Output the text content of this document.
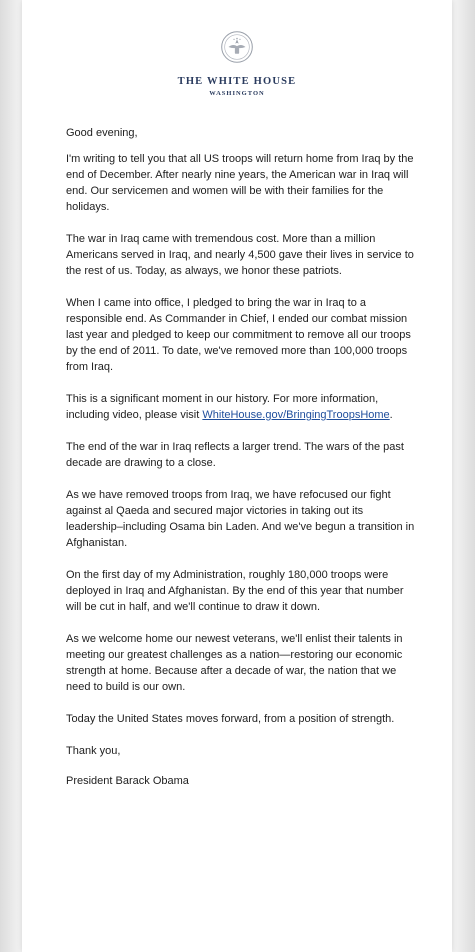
THE WHITE HOUSE
WASHINGTON

Good evening,

I'm writing to tell you that all US troops will return home from Iraq by the end of December. After nearly nine years, the American war in Iraq will end. Our servicemen and women will be with their families for the holidays.

The war in Iraq came with tremendous cost. More than a million Americans served in Iraq, and nearly 4,500 gave their lives in service to the rest of us. Today, as always, we honor these patriots.

When I came into office, I pledged to bring the war in Iraq to a responsible end. As Commander in Chief, I ended our combat mission last year and pledged to keep our commitment to remove all our troops by the end of 2011. To date, we've removed more than 100,000 troops from Iraq.

This is a significant moment in our history. For more information, including video, please visit WhiteHouse.gov/BringingTroopsHome.

The end of the war in Iraq reflects a larger trend. The wars of the past decade are drawing to a close.

As we have removed troops from Iraq, we have refocused our fight against al Qaeda and secured major victories in taking out its leadership–including Osama bin Laden. And we've begun a transition in Afghanistan.

On the first day of my Administration, roughly 180,000 troops were deployed in Iraq and Afghanistan. By the end of this year that number will be cut in half, and we'll continue to draw it down.

As we welcome home our newest veterans, we'll enlist their talents in meeting our greatest challenges as a nation—restoring our economic strength at home. Because after a decade of war, the nation that we need to build is our own.

Today the United States moves forward, from a position of strength.

Thank you,

President Barack Obama
